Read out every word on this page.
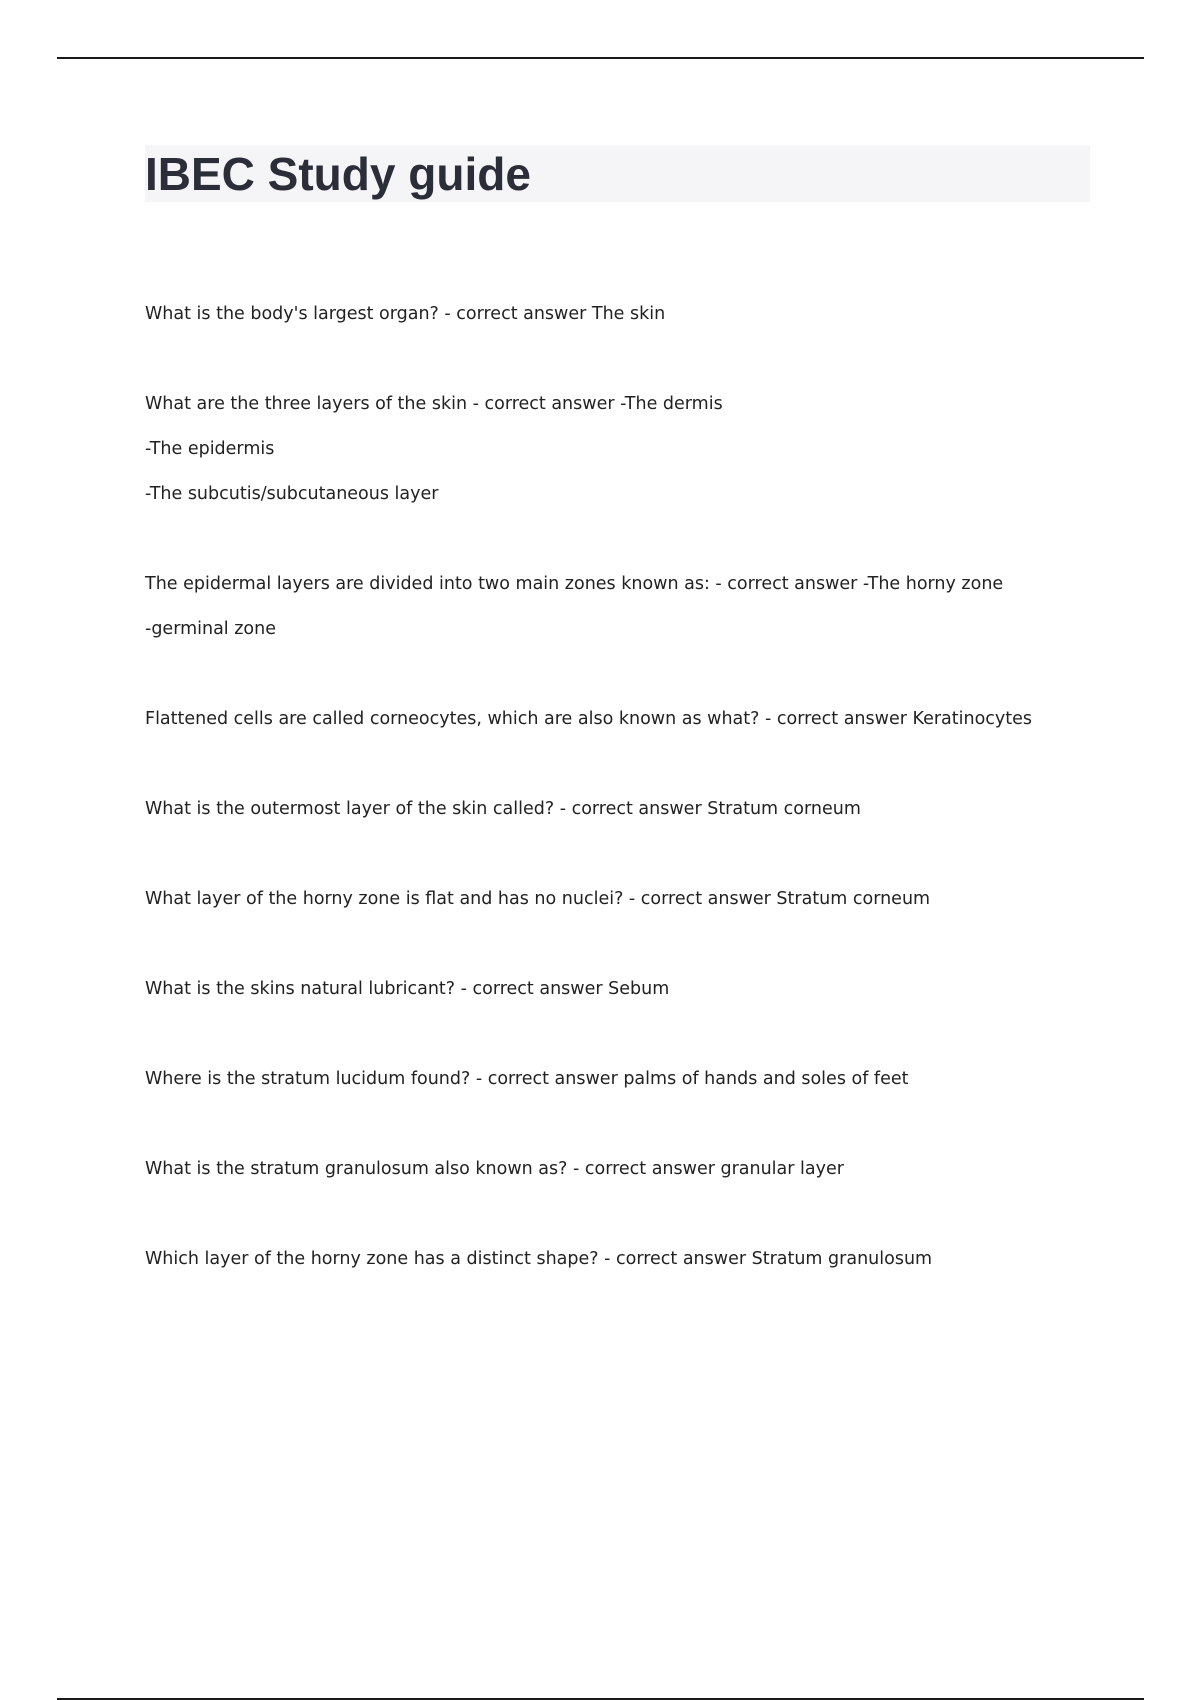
IBEC Study guide
What is the body's largest organ? - correct answer The skin
What are the three layers of the skin - correct answer -The dermis
-The epidermis
-The subcutis/subcutaneous layer
The epidermal layers are divided into two main zones known as: - correct answer -The horny zone
-germinal zone
Flattened cells are called corneocytes, which are also known as what? - correct answer Keratinocytes
What is the outermost layer of the skin called? - correct answer Stratum corneum
What layer of the horny zone is flat and has no nuclei? - correct answer Stratum corneum
What is the skins natural lubricant? - correct answer Sebum
Where is the stratum lucidum found? - correct answer palms of hands and soles of feet
What is the stratum granulosum also known as? - correct answer granular layer
Which layer of the horny zone has a distinct shape? - correct answer Stratum granulosum
